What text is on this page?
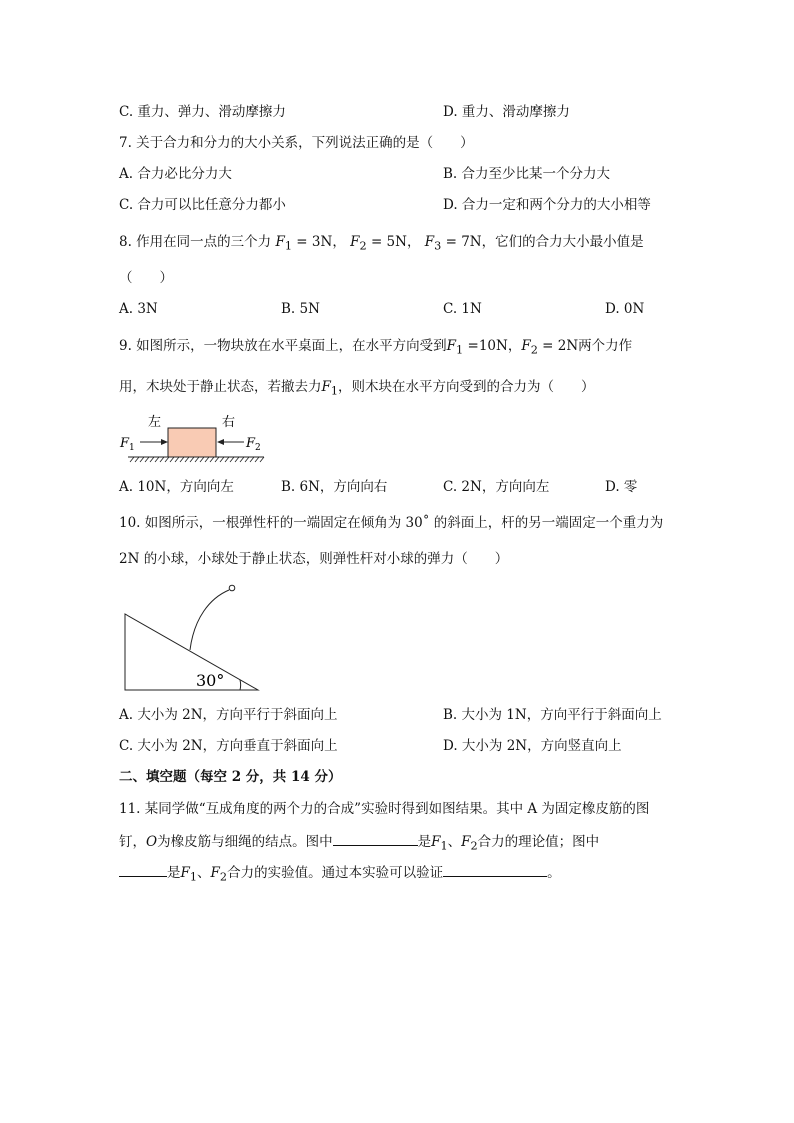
C. 重力、弹力、滑动摩擦力	D. 重力、滑动摩擦力
7. 关于合力和分力的大小关系，下列说法正确的是（　　）
A. 合力必比分力大	B. 合力至少比某一个分力大
C. 合力可以比任意分力都小	D. 合力一定和两个分力的大小相等
8. 作用在同一点的三个力 $F_1 = 3N$， $F_2 = 5N$， $F_3 = 7N$，它们的合力大小最小值是
（　　）
A. 3N	B. 5N	C. 1N	D. 0N
9. 如图所示，一物块放在水平桌面上，在水平方向受到$F_1 =10N$，$F_2 = 2N$两个力作
用，木块处于静止状态，若撤去力$F_1$，则木块在水平方向受到的合力为（　　）
左	右
$F_1$	$F_2$
A. 10N，方向向左	B. 6N，方向向右	C. 2N，方向向左	D. 零
10. 如图所示，一根弹性杆的一端固定在倾角为 30˚ 的斜面上，杆的另一端固定一个重力为
2N 的小球，小球处于静止状态，则弹性杆对小球的弹力（　　）
30°
A. 大小为 2N，方向平行于斜面向上	B. 大小为 1N，方向平行于斜面向上
C. 大小为 2N，方向垂直于斜面向上	D. 大小为 2N，方向竖直向上
二、填空题（每空 2 分，共 14 分）
11. 某同学做“互成角度的两个力的合成”实验时得到如图结果。其中 A 为固定橡皮筋的图
钉，O为橡皮筋与细绳的结点。图中	是$F_1$、$F_2$合力的理论值；图中
是$F_1$、$F_2$合力的实验值。通过本实验可以验证	。
